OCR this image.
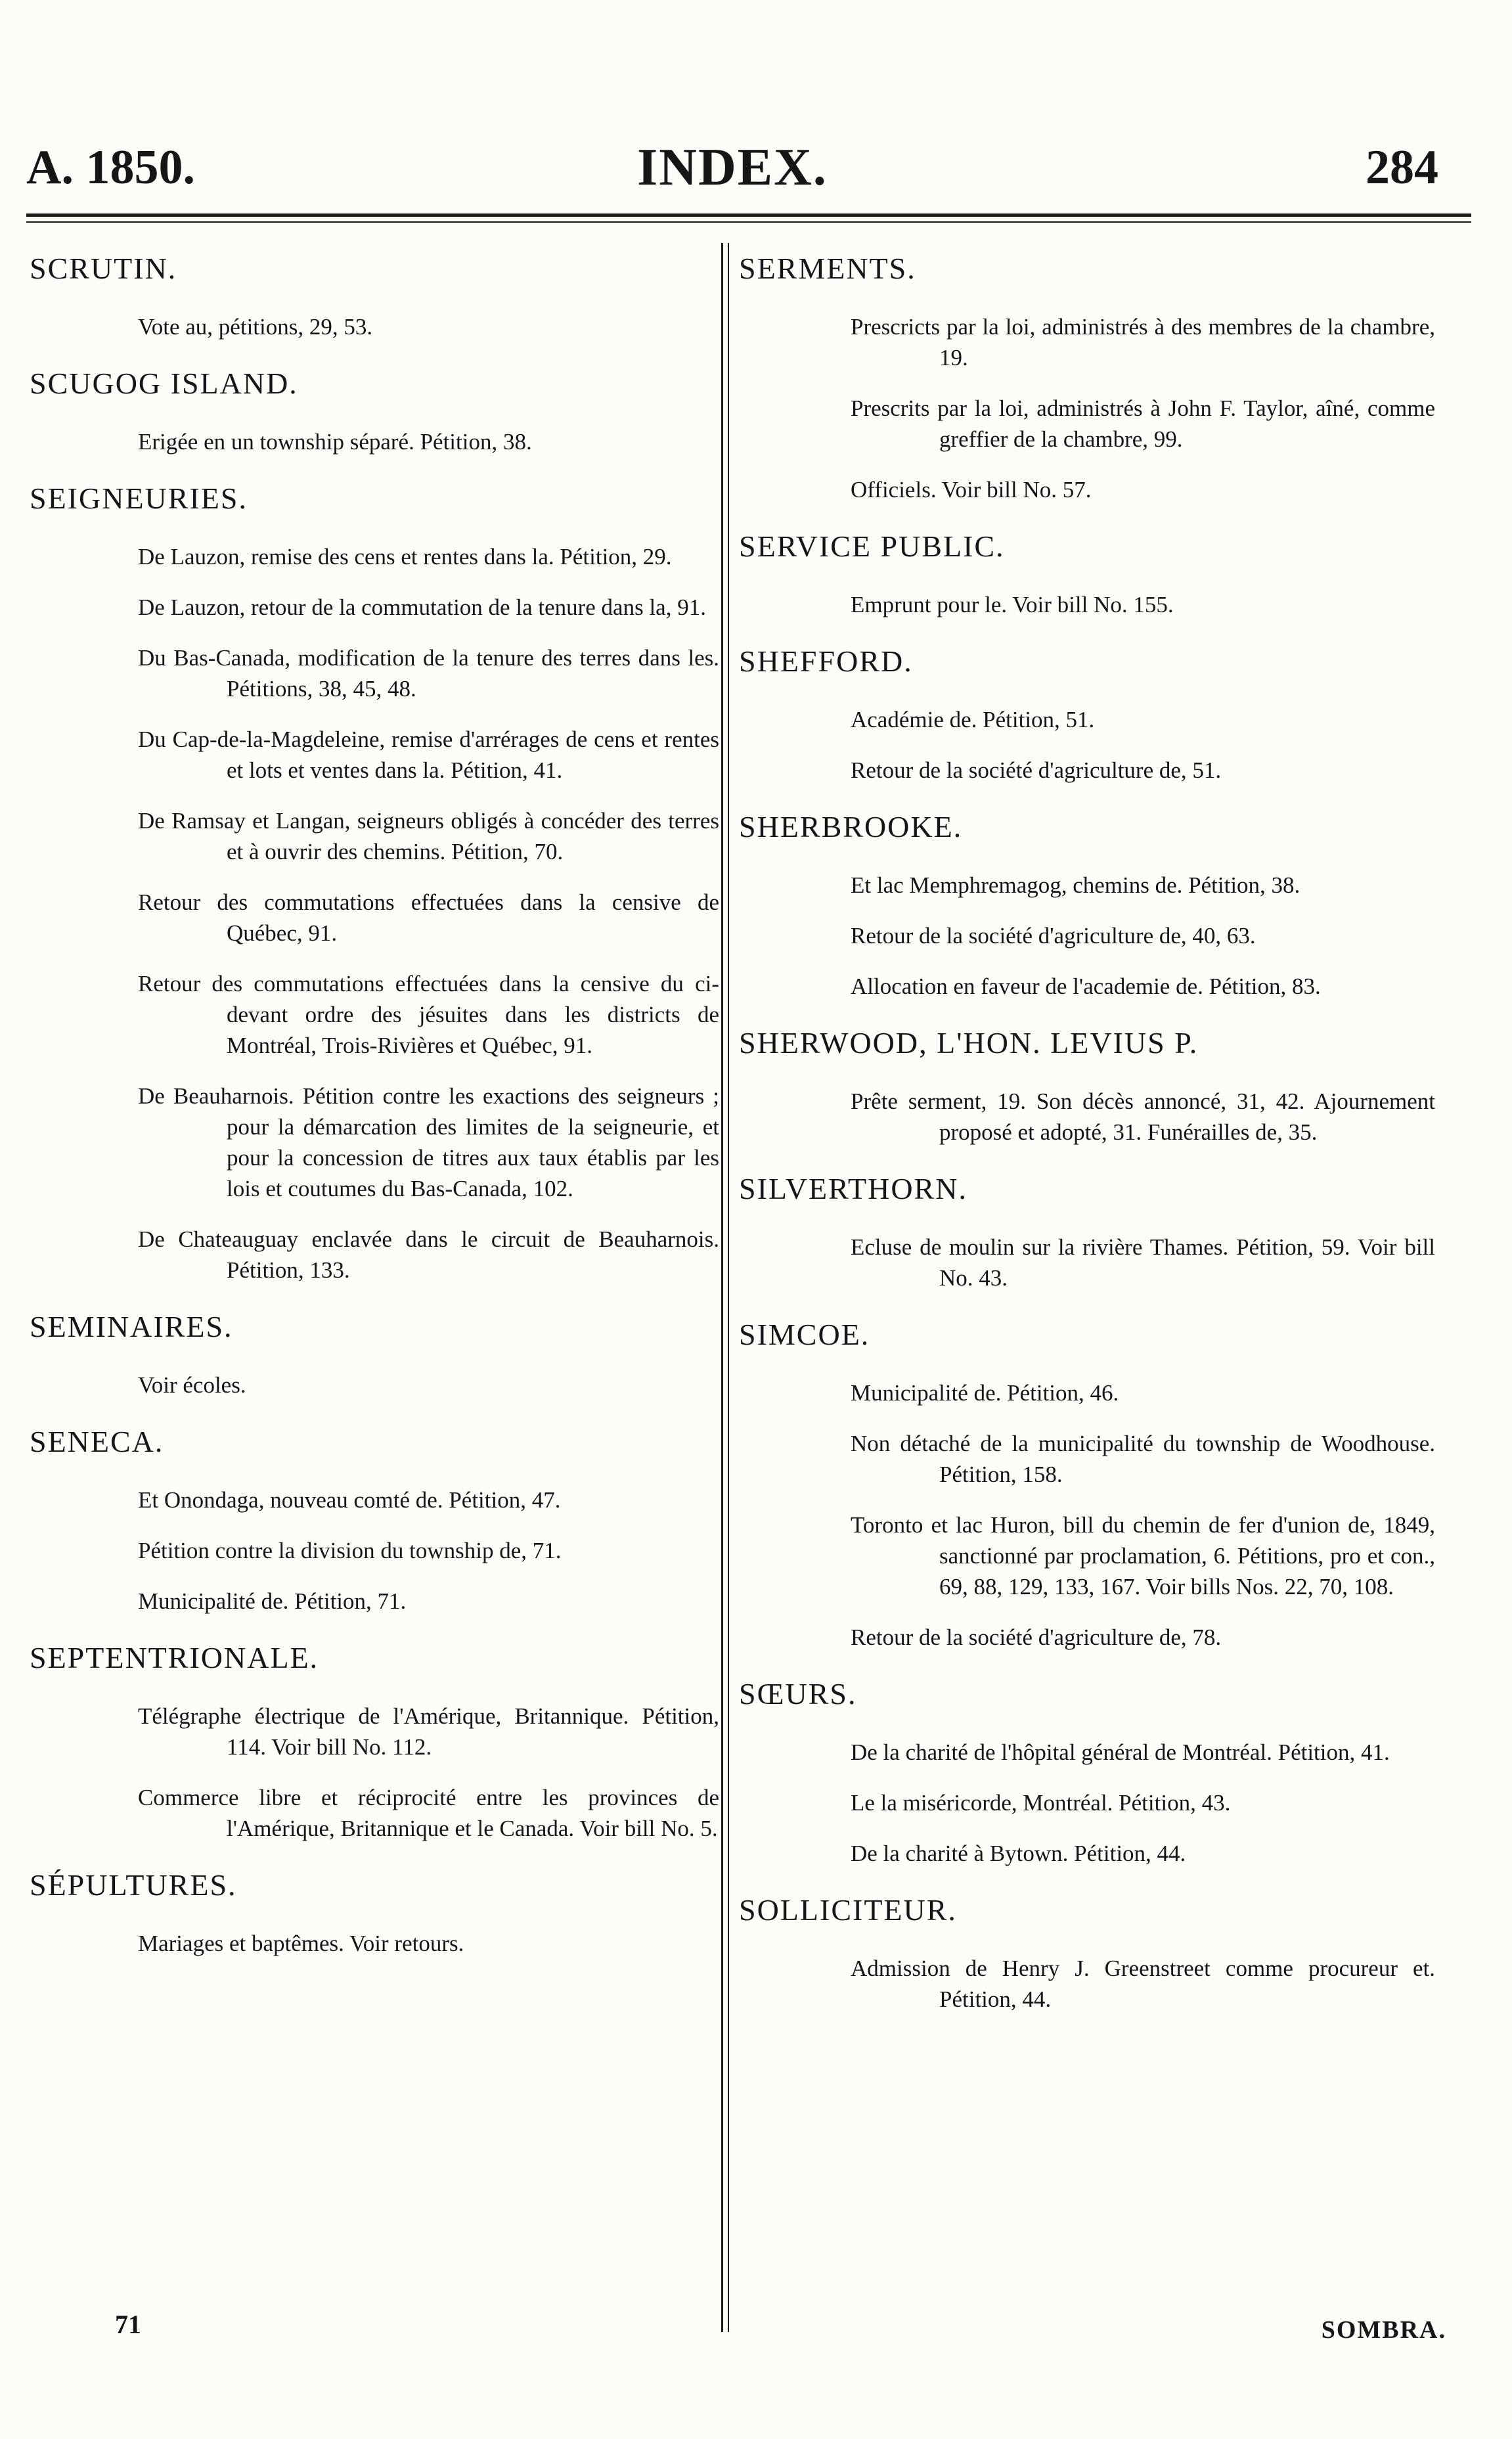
A. 1850.	INDEX.	284
SCRUTIN.
Vote au, pétitions, 29, 53.
SCUGOG ISLAND.
Erigée en un township séparé. Pétition, 38.
SEIGNEURIES.
De Lauzon, remise des cens et rentes dans la. Pétition, 29.
De Lauzon, retour de la commutation de la tenure dans la, 91.
Du Bas-Canada, modification de la tenure des terres dans les. Pétitions, 38, 45, 48.
Du Cap-de-la-Magdeleine, remise d'arrérages de cens et rentes et lots et ventes dans la. Pétition, 41.
De Ramsay et Langan, seigneurs obligés à concéder des terres et à ouvrir des chemins. Pétition, 70.
Retour des commutations effectuées dans la censive de Québec, 91.
Retour des commutations effectuées dans la censive du ci-devant ordre des jésuites dans les districts de Montréal, Trois-Rivières et Québec, 91.
De Beauharnois. Pétition contre les exactions des seigneurs ; pour la démarcation des limites de la seigneurie, et pour la concession de titres aux taux établis par les lois et coutumes du Bas-Canada, 102.
De Chateauguay enclavée dans le circuit de Beauharnois. Pétition, 133.
SEMINAIRES.
Voir écoles.
SENECA.
Et Onondaga, nouveau comté de. Pétition, 47.
Pétition contre la division du township de, 71.
Municipalité de. Pétition, 71.
SEPTENTRIONALE.
Télégraphe électrique de l'Amérique, Britannique. Pétition, 114. Voir bill No. 112.
Commerce libre et réciprocité entre les provinces de l'Amérique, Britannique et le Canada. Voir bill No. 5.
SÉPULTURES.
Mariages et baptêmes. Voir retours.
SERMENTS.
Prescricts par la loi, administrés à des membres de la chambre, 19.
Prescrits par la loi, administrés à John F. Taylor, aîné, comme greffier de la chambre, 99.
Officiels. Voir bill No. 57.
SERVICE PUBLIC.
Emprunt pour le. Voir bill No. 155.
SHEFFORD.
Académie de. Pétition, 51.
Retour de la société d'agriculture de, 51.
SHERBROOKE.
Et lac Memphremagog, chemins de. Pétition, 38.
Retour de la société d'agriculture de, 40, 63.
Allocation en faveur de l'academie de. Pétition, 83.
SHERWOOD, L'HON. LEVIUS P.
Prête serment, 19. Son décès annoncé, 31, 42. Ajournement proposé et adopté, 31. Funérailles de, 35.
SILVERTHORN.
Ecluse de moulin sur la rivière Thames. Pétition, 59. Voir bill No. 43.
SIMCOE.
Municipalité de. Pétition, 46.
Non détaché de la municipalité du township de Woodhouse. Pétition, 158.
Toronto et lac Huron, bill du chemin de fer d'union de, 1849, sanctionné par proclamation, 6. Pétitions, pro et con., 69, 88, 129, 133, 167. Voir bills Nos. 22, 70, 108.
Retour de la société d'agriculture de, 78.
SŒURS.
De la charité de l'hôpital général de Montréal. Pétition, 41.
Le la miséricorde, Montréal. Pétition, 43.
De la charité à Bytown. Pétition, 44.
SOLLICITEUR.
Admission de Henry J. Greenstreet comme procureur et. Pétition, 44.
71	SOMBRA.
